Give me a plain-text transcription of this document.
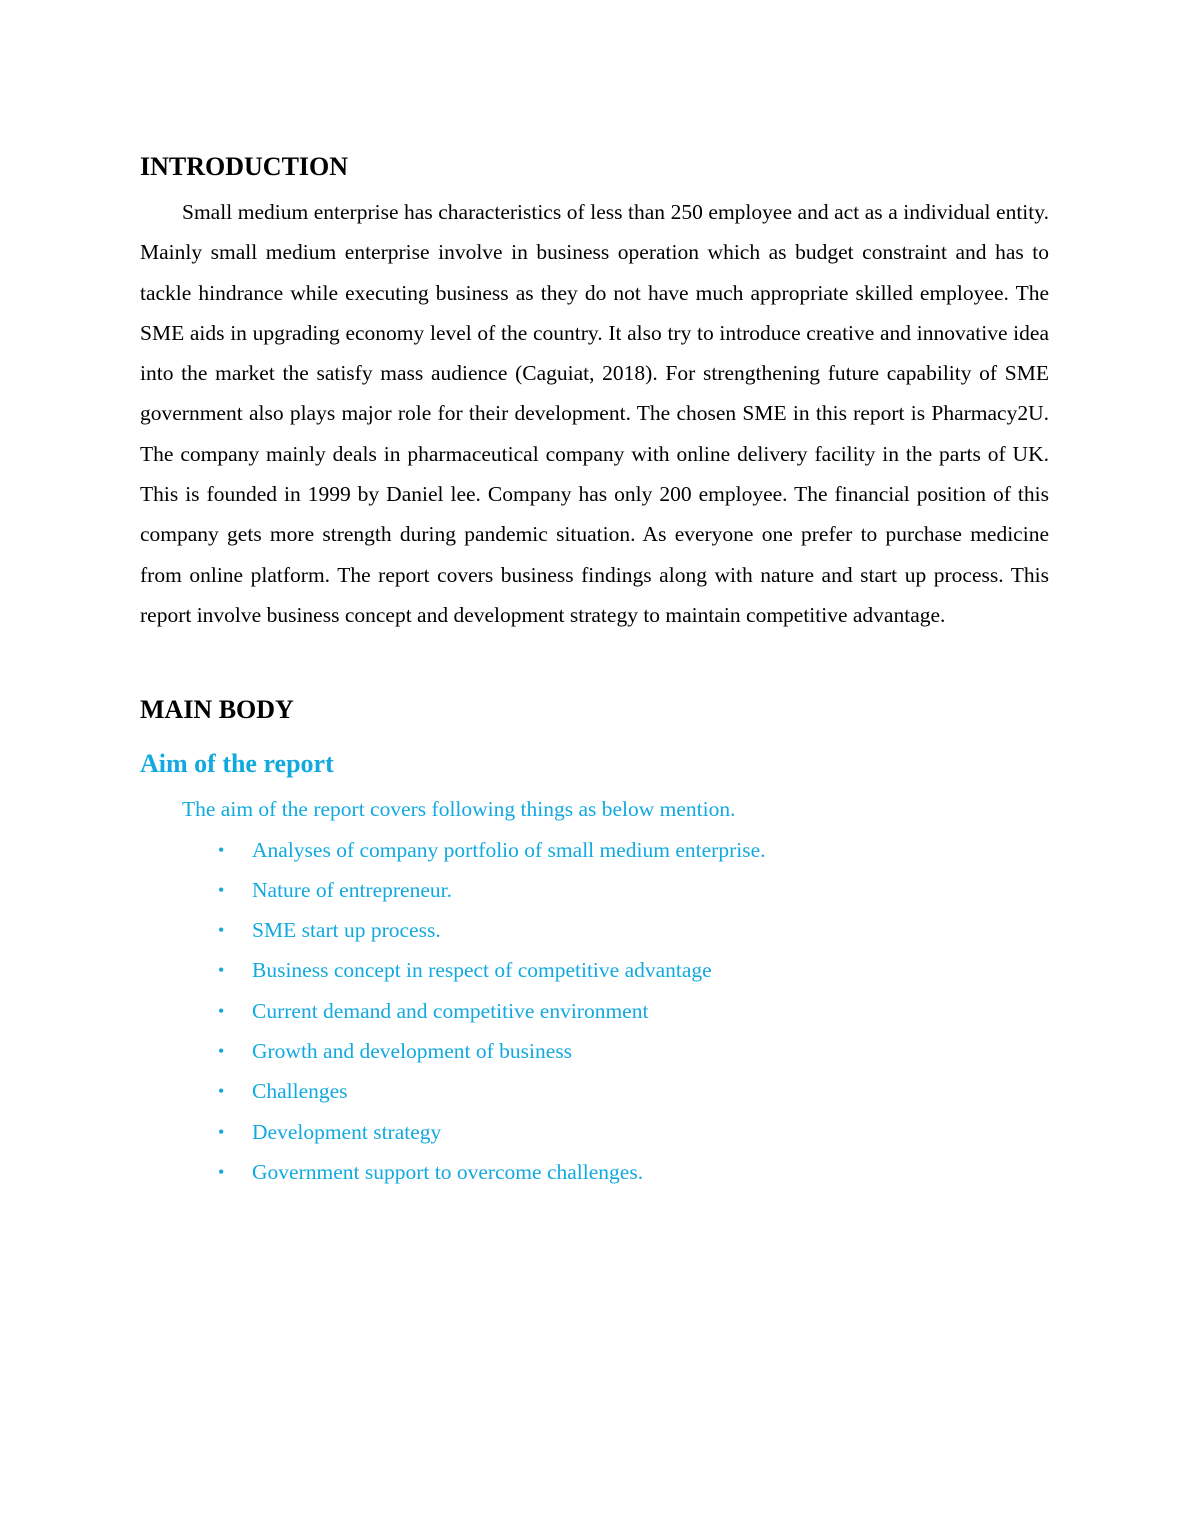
INTRODUCTION

Small medium enterprise has characteristics of less than 250 employee and act as a individual entity. Mainly small medium enterprise involve in business operation which as budget constraint and has to tackle hindrance while executing business as they do not have much appropriate skilled employee. The SME aids in upgrading economy level of the country. It also try to introduce creative and innovative idea into the market the satisfy mass audience (Caguiat, 2018). For strengthening future capability of SME government also plays major role for their development. The chosen SME in this report is Pharmacy2U. The company mainly deals in pharmaceutical company with online delivery facility in the parts of UK. This is founded in 1999 by Daniel lee. Company has only 200 employee. The financial position of this company gets more strength during pandemic situation. As everyone one prefer to purchase medicine from online platform. The report covers business findings along with nature and start up process. This report involve business concept and development strategy to maintain competitive advantage.

MAIN BODY
Aim of the report

The aim of the report covers following things as below mention.

• Analyses of company portfolio of small medium enterprise.
• Nature of entrepreneur.
• SME start up process.
• Business concept in respect of competitive advantage
• Current demand and competitive environment
• Growth and development of business
• Challenges
• Development strategy
• Government support to overcome challenges.
